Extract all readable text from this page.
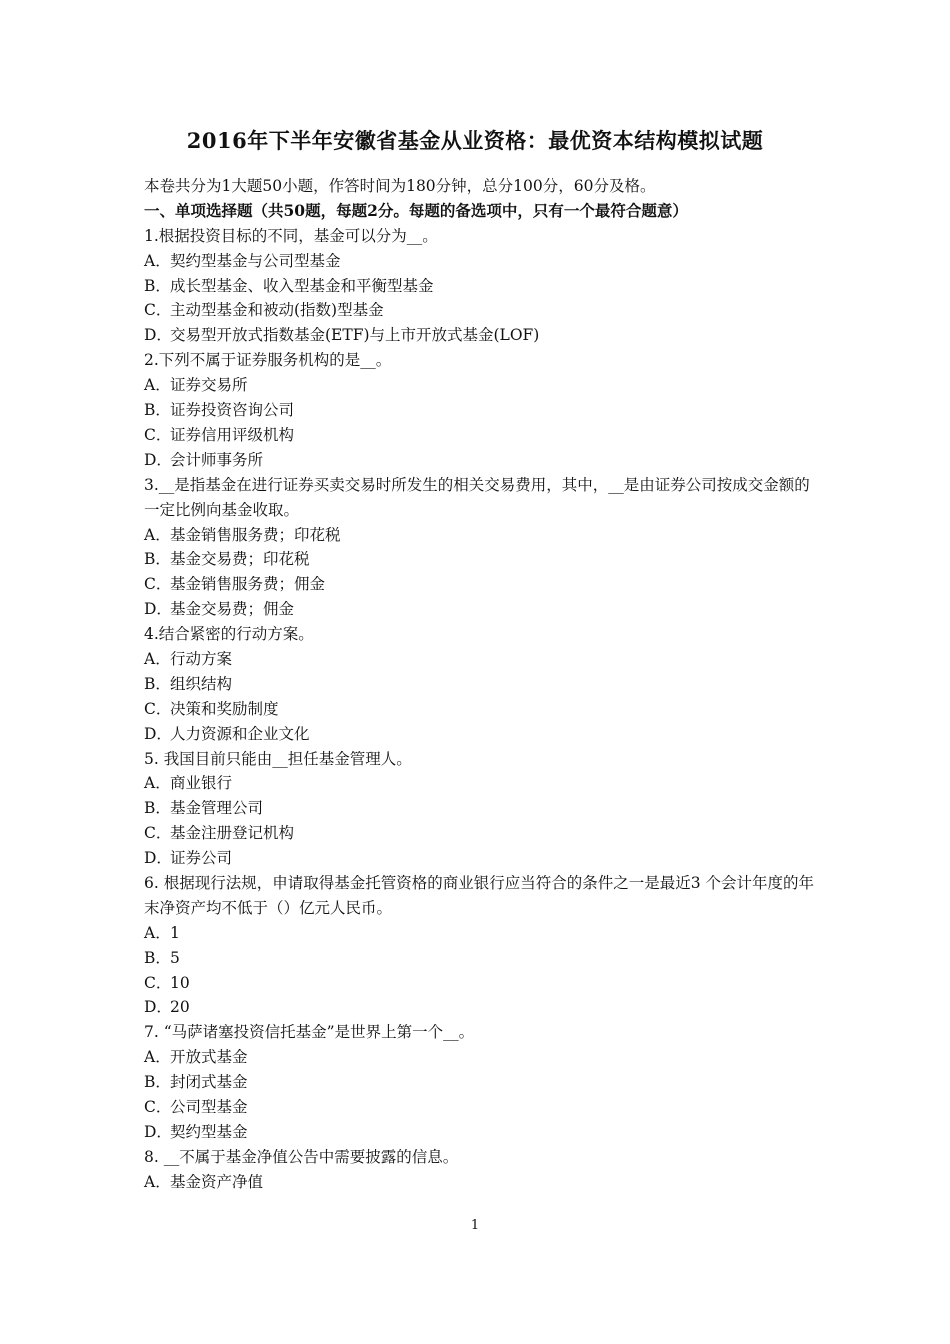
2016年下半年安徽省基金从业资格：最优资本结构模拟试题
本卷共分为1大题50小题，作答时间为180分钟，总分100分，60分及格。
一、单项选择题（共50题，每题2分。每题的备选项中，只有一个最符合题意）
1.根据投资目标的不同，基金可以分为__。
A．契约型基金与公司型基金
B．成长型基金、收入型基金和平衡型基金
C．主动型基金和被动(指数)型基金
D．交易型开放式指数基金(ETF)与上市开放式基金(LOF)
2.下列不属于证券服务机构的是__。
A．证券交易所
B．证券投资咨询公司
C．证券信用评级机构
D．会计师事务所
3.__是指基金在进行证券买卖交易时所发生的相关交易费用，其中，__是由证券公司按成交金额的一定比例向基金收取。
A．基金销售服务费；印花税
B．基金交易费；印花税
C．基金销售服务费；佣金
D．基金交易费；佣金
4.结合紧密的行动方案。
A．行动方案
B．组织结构
C．决策和奖励制度
D．人力资源和企业文化
5. 我国目前只能由__担任基金管理人。
A．商业银行
B．基金管理公司
C．基金注册登记机构
D．证券公司
6. 根据现行法规，申请取得基金托管资格的商业银行应当符合的条件之一是最近3 个会计年度的年末净资产均不低于（）亿元人民币。
A．1
B．5
C．10
D．20
7. “马萨诸塞投资信托基金”是世界上第一个__。
A．开放式基金
B．封闭式基金
C．公司型基金
D．契约型基金
8. __不属于基金净值公告中需要披露的信息。
A．基金资产净值
1
